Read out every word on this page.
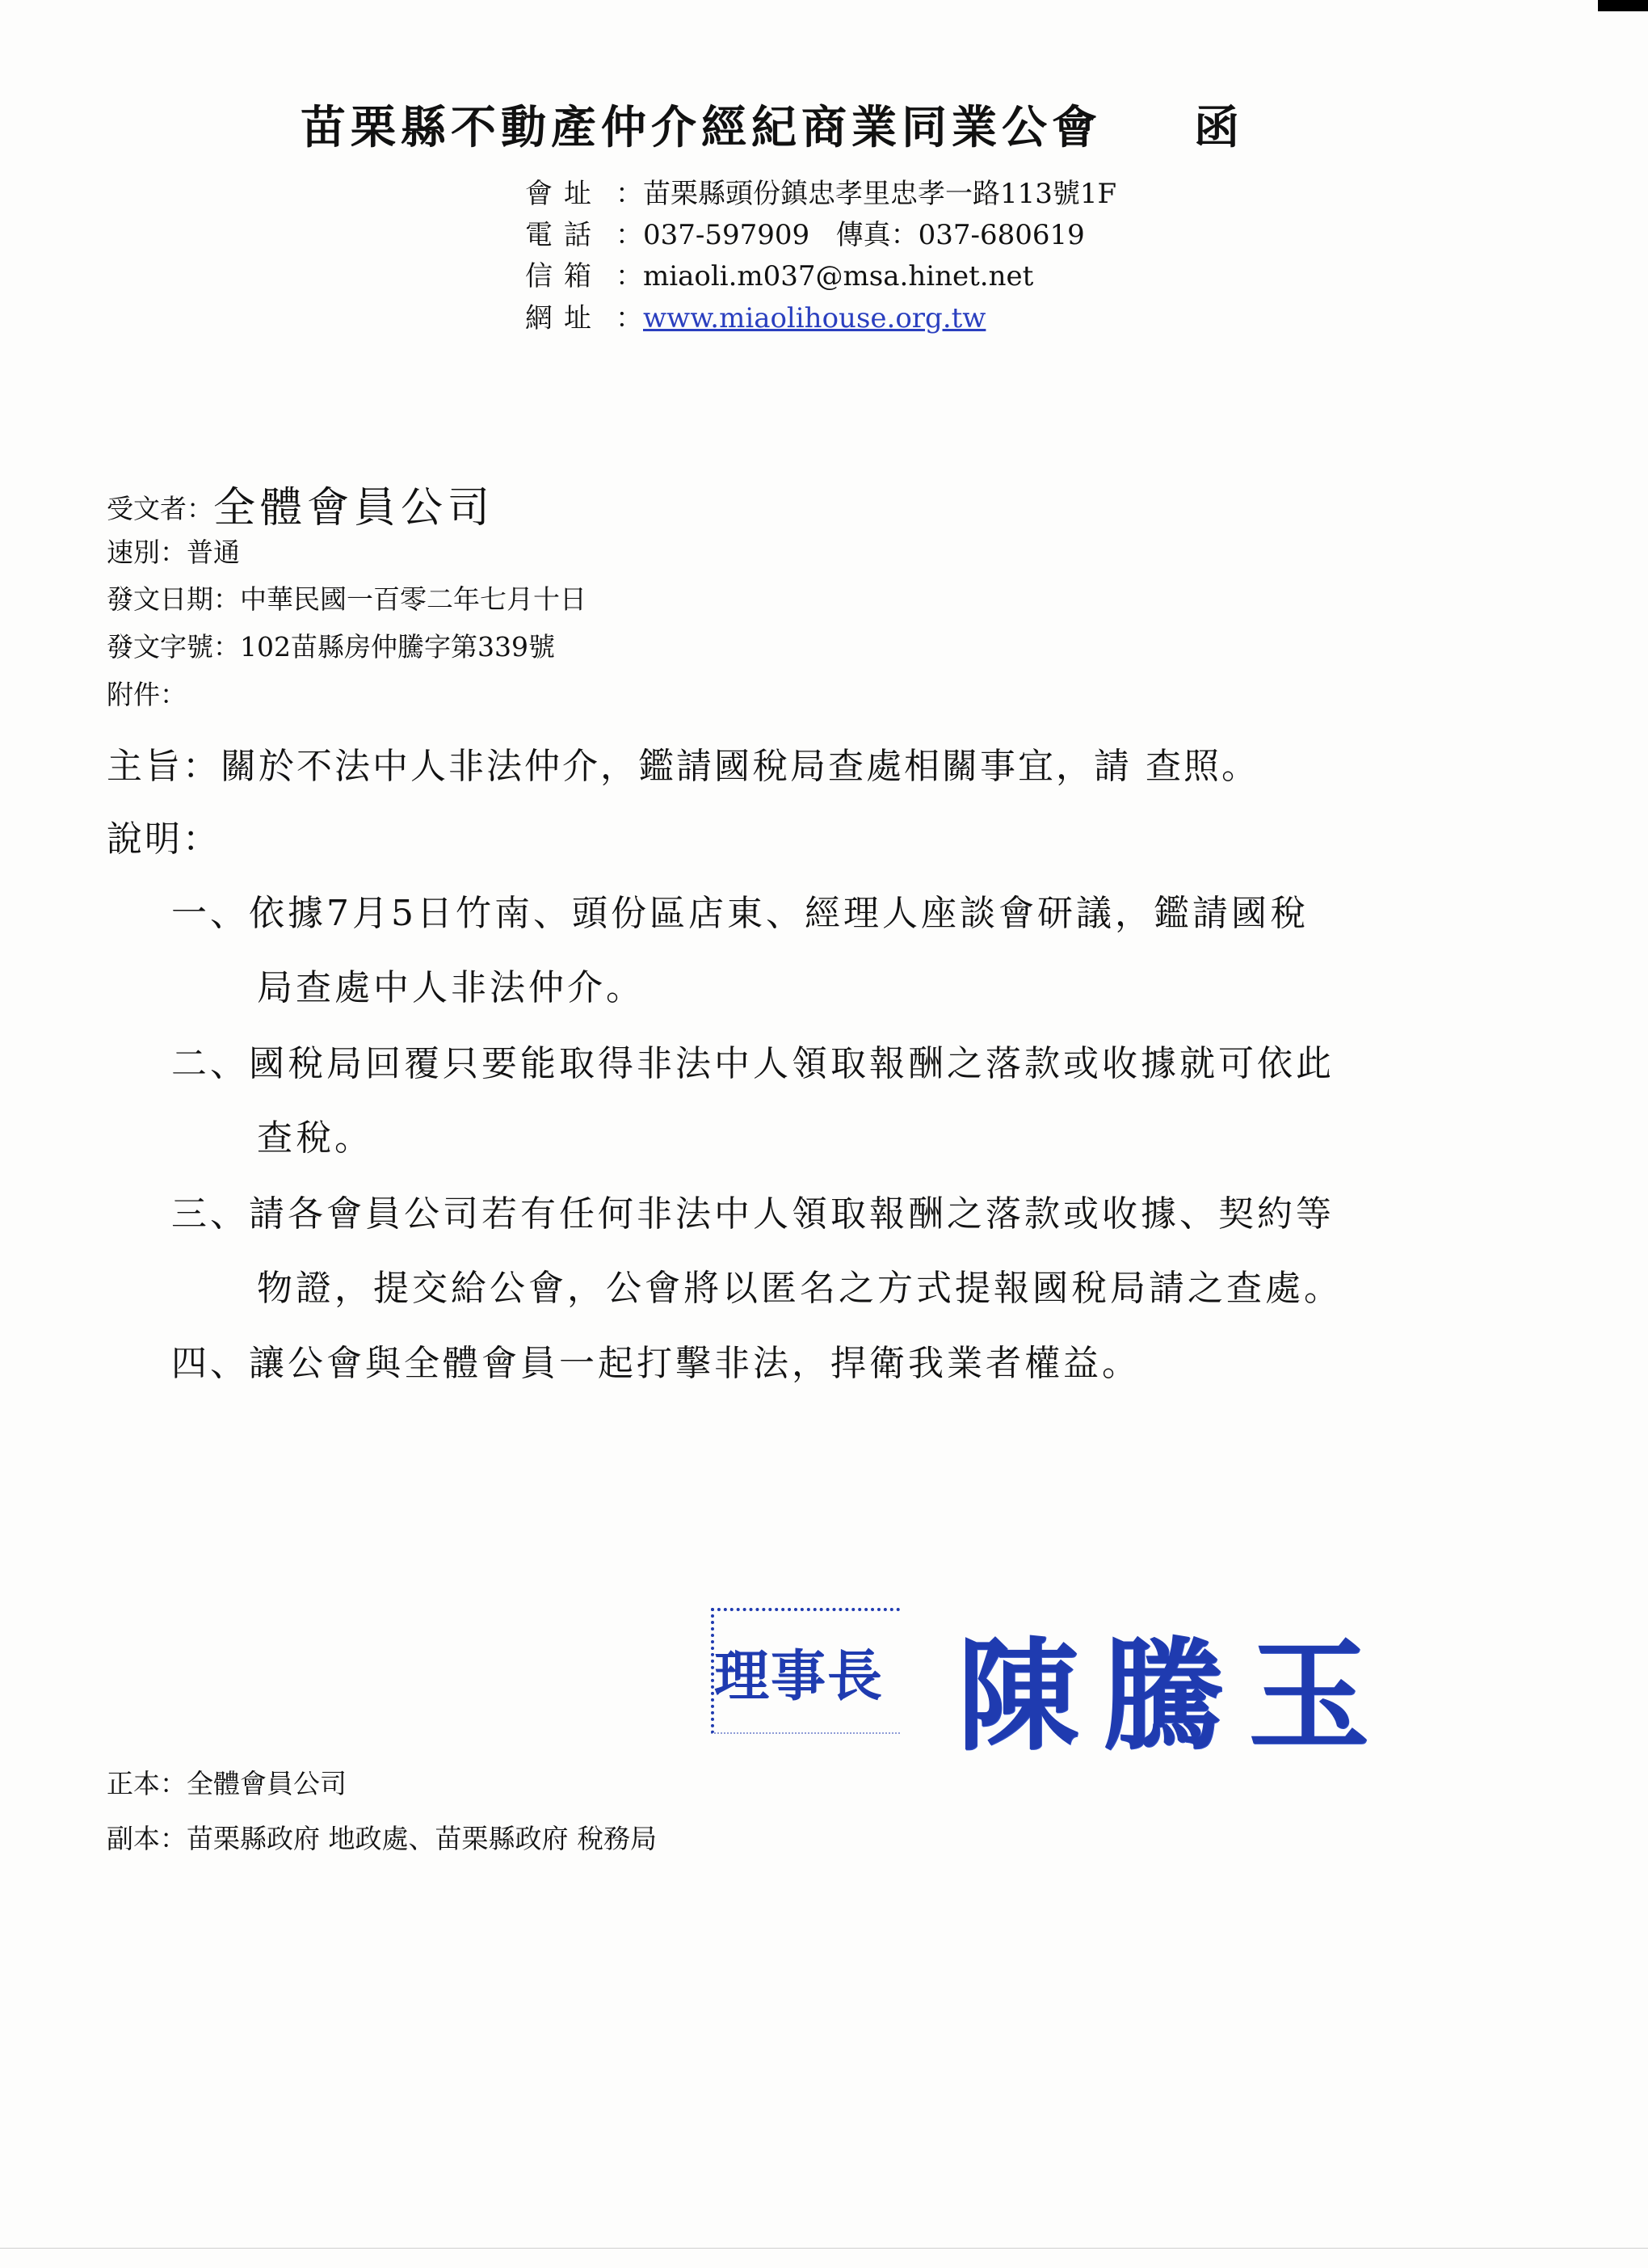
苗栗縣不動產仲介經紀商業同業公會 函
會址 ：苗栗縣頭份鎮忠孝里忠孝一路113號1F
電話 ：037-597909 傳真：037-680619
信箱 ：miaoli.m037@msa.hinet.net
網址 ：www.miaolihouse.org.tw
受文者：全體會員公司
速別：普通
發文日期：中華民國一百零二年七月十日
發文字號：102苗縣房仲騰字第339號
附件：
主旨：關於不法中人非法仲介，鑑請國稅局查處相關事宜，請 查照。
說明：
一、依據7月5日竹南、頭份區店東、經理人座談會研議，鑑請國稅
局查處中人非法仲介。
二、國稅局回覆只要能取得非法中人領取報酬之落款或收據就可依此
查稅。
三、請各會員公司若有任何非法中人領取報酬之落款或收據、契約等
物證，提交給公會，公會將以匿名之方式提報國稅局請之查處。
四、讓公會與全體會員一起打擊非法，捍衛我業者權益。
理事長 陳騰玉
正本：全體會員公司
副本：苗栗縣政府 地政處、苗栗縣政府 稅務局
